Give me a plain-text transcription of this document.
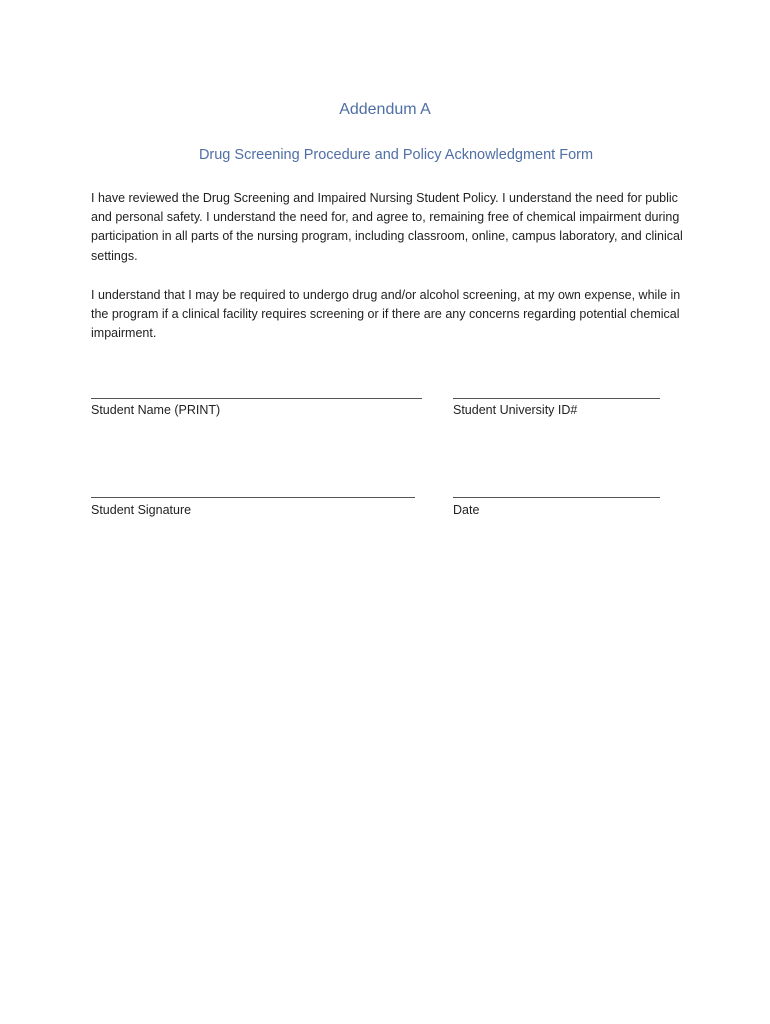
Addendum A
Drug Screening Procedure and Policy Acknowledgment Form

I have reviewed the Drug Screening and Impaired Nursing Student Policy. I understand the need for public and personal safety. I understand the need for, and agree to, remaining free of chemical impairment during participation in all parts of the nursing program, including classroom, online, campus laboratory, and clinical settings.

I understand that I may be required to undergo drug and/or alcohol screening, at my own expense, while in the program if a clinical facility requires screening or if there are any concerns regarding potential chemical impairment.

Student Name (PRINT)	Student University ID#
Student Signature	Date
